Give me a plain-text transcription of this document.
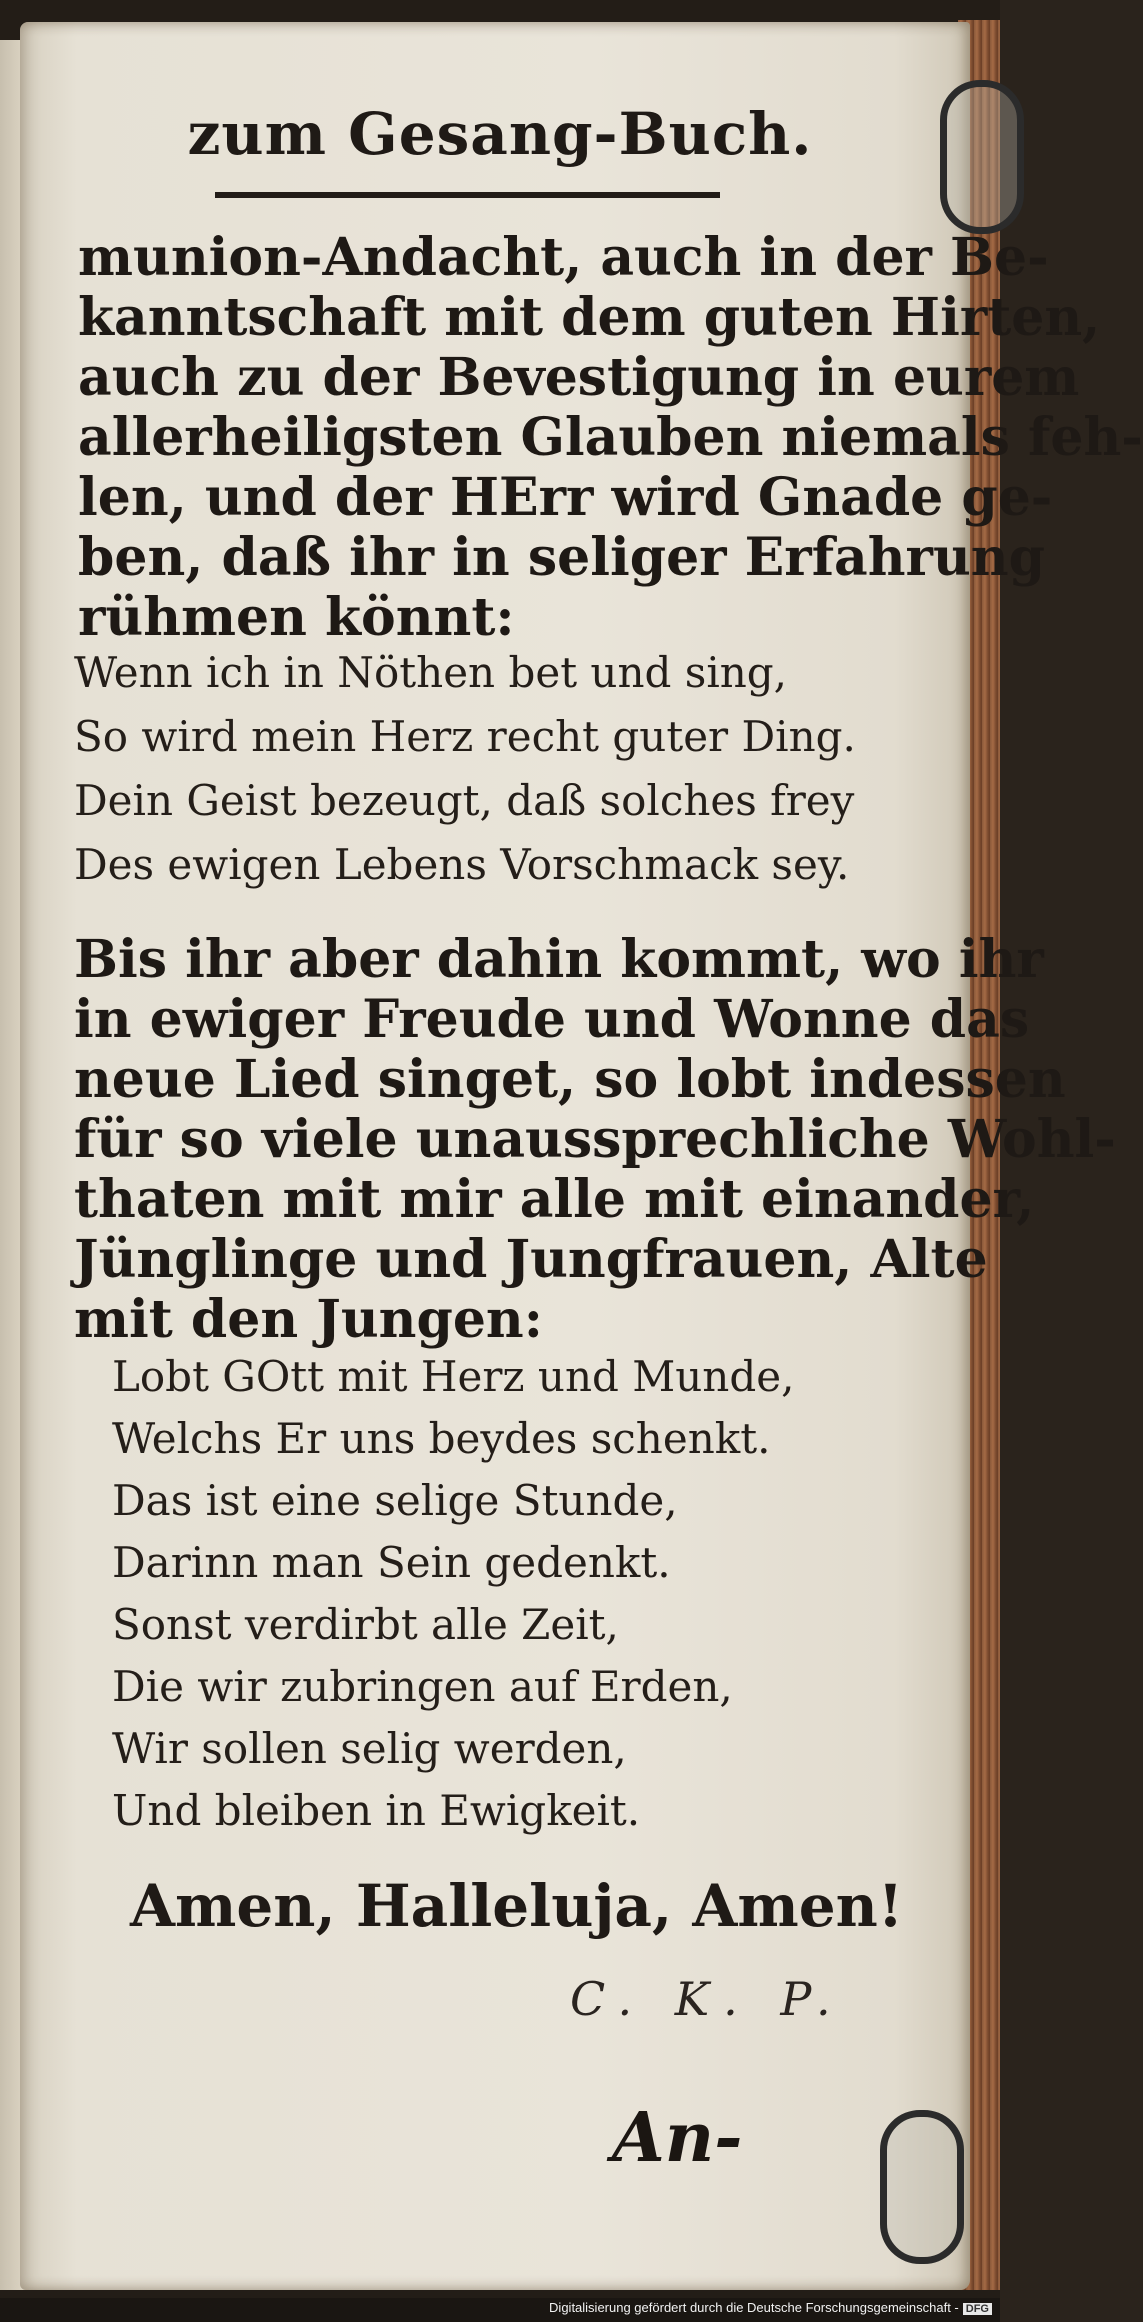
zum Gesang-Buch.
munion-Andacht, auch in der Be-
kanntschaft mit dem guten Hirten,
auch zu der Bevestigung in eurem
allerheiligsten Glauben niemals feh-
len, und der HErr wird Gnade ge-
ben, daß ihr in seliger Erfahrung
rühmen könnt:
Wenn ich in Nöthen bet und sing,
So wird mein Herz recht guter Ding.
Dein Geist bezeugt, daß solches frey
Des ewigen Lebens Vorschmack sey.
Bis ihr aber dahin kommt, wo ihr
in ewiger Freude und Wonne das
neue Lied singet, so lobt indessen
für so viele unaussprechliche Wohl-
thaten mit mir alle mit einander,
Jünglinge und Jungfrauen, Alte
mit den Jungen:
Lobt GOtt mit Herz und Munde,
Welchs Er uns beydes schenkt.
Das ist eine selige Stunde,
Darinn man Sein gedenkt.
Sonst verdirbt alle Zeit,
Die wir zubringen auf Erden,
Wir sollen selig werden,
Und bleiben in Ewigkeit.
Amen, Halleluja, Amen!
C. K. P.
An-
Digitalisierung gefördert durch die Deutsche Forschungsgemeinschaft - DFG
